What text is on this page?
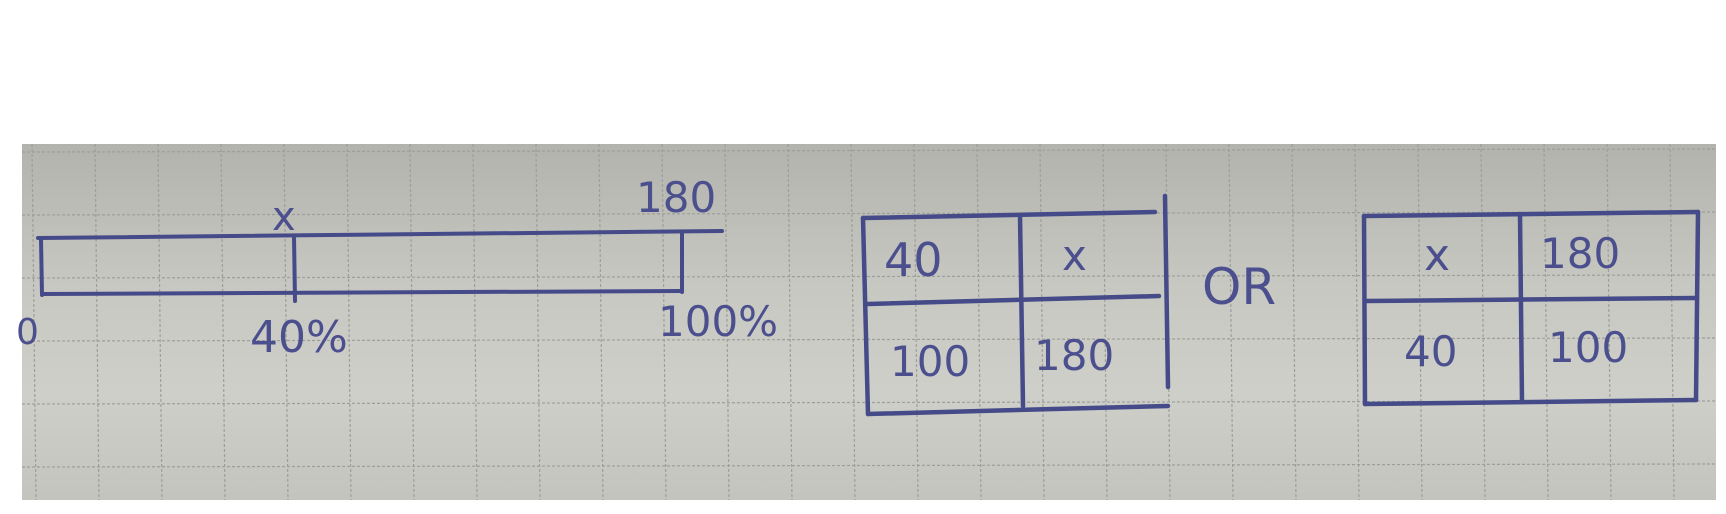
x	180
0	40%	100%
40	x
100 180
OR
x 180
40 100
